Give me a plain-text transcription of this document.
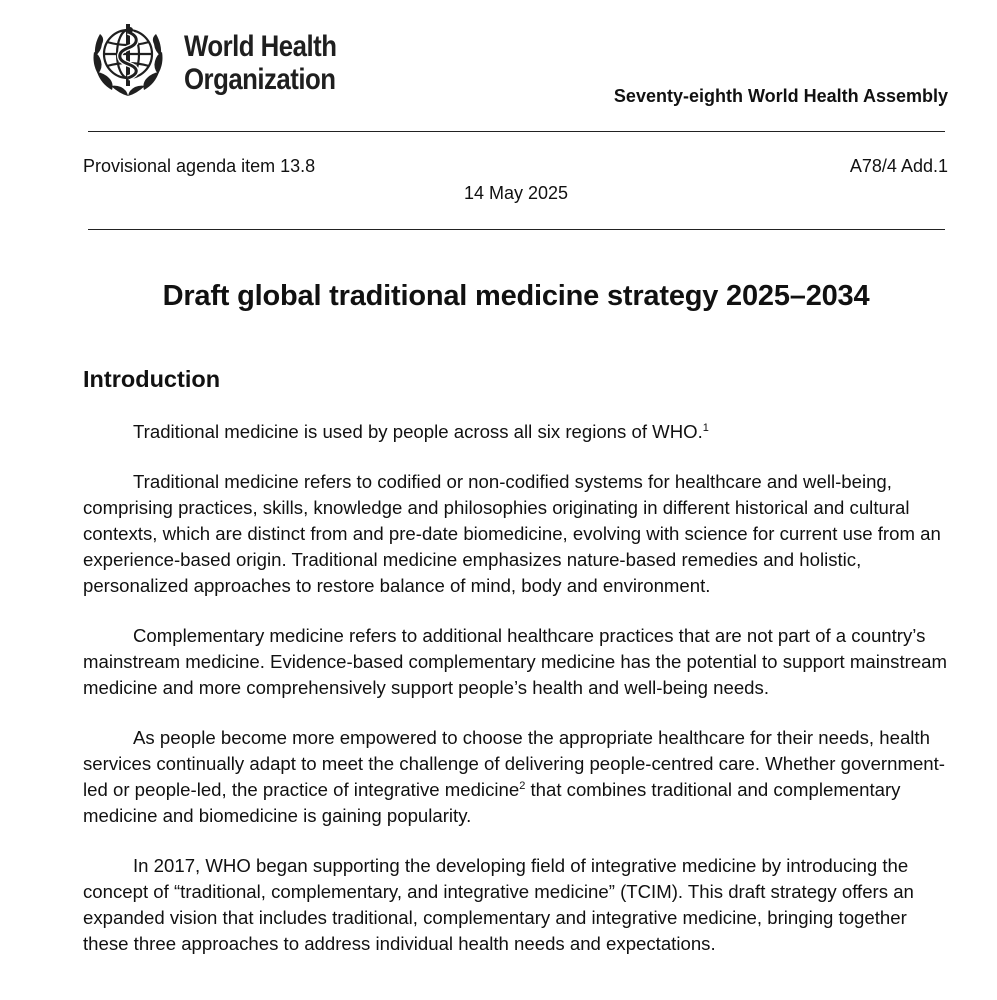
World Health
Organization	Seventy-eighth World Health Assembly
Provisional agenda item 13.8	A78/4 Add.1
14 May 2025
Draft global traditional medicine strategy 2025–2034
Introduction

Traditional medicine is used by people across all six regions of WHO.$^1$

Traditional medicine refers to codified or non-codified systems for healthcare and well-being, comprising practices, skills, knowledge and philosophies originating in different historical and cultural contexts, which are distinct from and pre-date biomedicine, evolving with science for current use from an experience-based origin. Traditional medicine emphasizes nature-based remedies and holistic, personalized approaches to restore balance of mind, body and environment.

Complementary medicine refers to additional healthcare practices that are not part of a country’s mainstream medicine. Evidence-based complementary medicine has the potential to support mainstream medicine and more comprehensively support people’s health and well-being needs.

As people become more empowered to choose the appropriate healthcare for their needs, health services continually adapt to meet the challenge of delivering people-centred care. Whether government-led or people-led, the practice of integrative medicine$^2$ that combines traditional and complementary medicine and biomedicine is gaining popularity.

In 2017, WHO began supporting the developing field of integrative medicine by introducing the concept of “traditional, complementary, and integrative medicine” (TCIM). This draft strategy offers an expanded vision that includes traditional, complementary and integrative medicine, bringing together these three approaches to address individual health needs and expectations.
